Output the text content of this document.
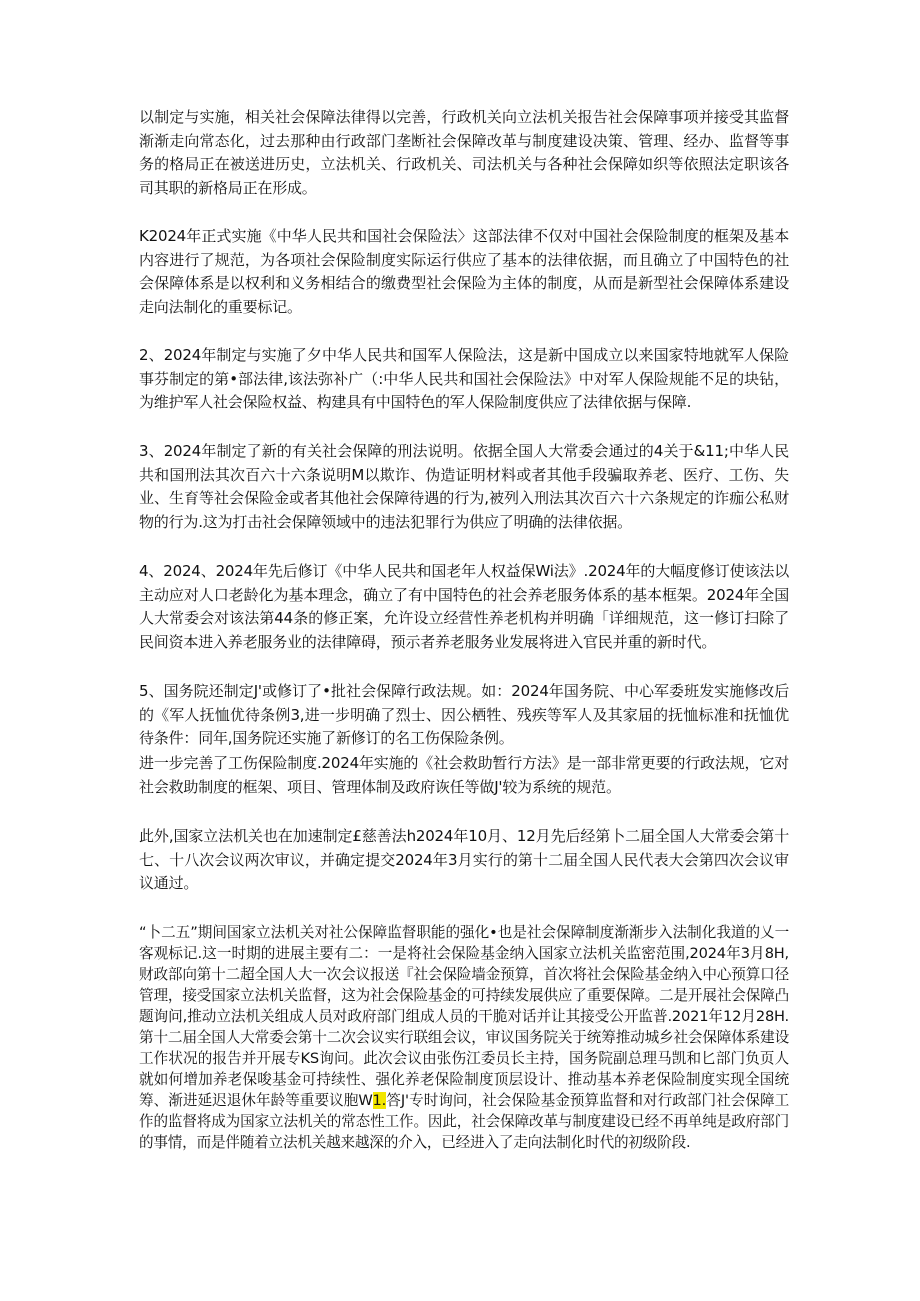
以制定与实施，相关社会保障法律得以完善，行政机关向立法机关报告社会保障事项并接受其监督渐渐走向常态化，过去那种由行政部门垄断社会保障改革与制度建设决策、管理、经办、监督等事务的格局正在被送进历史，立法机关、行政机关、司法机关与各种社会保障如织等依照法定职该各司其职的新格局正在形成。

K2024年正式实施《中华人民共和国社会保险法〉这部法律不仅对中国社会保险制度的框架及基本内容进行了规范，为各项社会保险制度实际运行供应了基本的法律依据，而且确立了中国特色的社会保障体系是以权利和义务相结合的缴费型社会保险为主体的制度，从而是新型社会保障体系建设走向法制化的重要标记。

2、2024年制定与实施了夕中华人民共和国军人保险法，这是新中国成立以来国家特地就军人保险事芬制定的第•部法律,该法弥补广（:中华人民共和国社会保险法》中对军人保险规能不足的块钻，为维护军人社会保险权益、构建具有中国特色的军人保险制度供应了法律依据与保障.

3、2024年制定了新的有关社会保障的刑法说明。依据全国人大常委会通过的4关于&11;中华人民共和国刑法其次百六十六条说明M以欺诈、伪造证明材料或者其他手段骗取养老、医疗、工伤、失业、生育等社会保险金或者其他社会保障待遇的行为,被列入刑法其次百六十六条规定的诈痂公私财物的行为.这为打击社会保障领域中的违法犯罪行为供应了明确的法律依据。

4、2024、2024年先后修订《中华人民共和国老年人权益保Wi法》.2024年的大幅度修订使该法以主动应对人口老龄化为基本理念，确立了有中国特色的社会养老服务体系的基本框架。2024年全国人大常委会对该法第44条的修正案，允许设立经营性养老机构并明确「详细规范，这一修订扫除了民间资本进入养老服务业的法律障碍，预示者养老服务业发展将进入官民并重的新时代。

5、国务院还制定J'或修订了•批社会保障行政法规。如：2024年国务院、中心军委班发实施修改后的《军人抚恤优待条例3,进一步明确了烈士、因公栖牲、残疾等军人及其家届的抚恤标准和抚恤优待条件：同年,国务院还实施了新修订的名工伤保险条例。

进一步完善了工伤保险制度.2024年实施的《社会救助暂行方法》是一部非常更要的行政法规，它对社会救助制度的框架、项目、管理体制及政府诙任等做J'较为系统的规范。

此外,国家立法机关也在加速制定£慈善法h2024年10月、12月先后经第卜二届全国人大常委会第十七、十八次会议两次审议，并确定提交2024年3月实行的第十二届全国人民代表大会第四次会议审议通过。

“卜二五”期间国家立法机关对社公保障监督职能的强化•也是社会保障制度渐渐步入法制化我道的乂一客观标记.这一时期的进展主要有二：一是将社会保险基金纳入国家立法机关监密范围,2024年3月8H,财政部向第十二超全国人大一次会议报送『社会保险墙金预算，首次将社会保险基金纳入中心预算口径管理，接受国家立法机关监督，这为社会保险基金的可持续发展供应了重要保障。二是开展社会保障凸题询问,推动立法机关组成人员对政府部门组成人员的干脆对话并让其接受公开监普.2021年12月28H.第十二届全国人大常委会第十二次会议实行联组会议，审议国务院关于统筹推动城乡社会保障体系建设工作状况的报告并开展专KS询问。此次会议由张伤江委员长主持，国务院副总理马凯和匕部门负页人就如何增加养老保唆基金可持续性、强化养老保险制度顶层设计、推动基本养老保险制度实现全国统筹、渐进延迟退休年龄等重要议胞W1.答J'专时询问，社会保险基金预算监督和对行政部门社会保障工作的监督将成为国家立法机关的常态性工作。因此，社会保障改革与制度建设已经不再单纯是政府部门的事情，而是伴随着立法机关越来越深的介入，已经进入了走向法制化时代的初级阶段.
